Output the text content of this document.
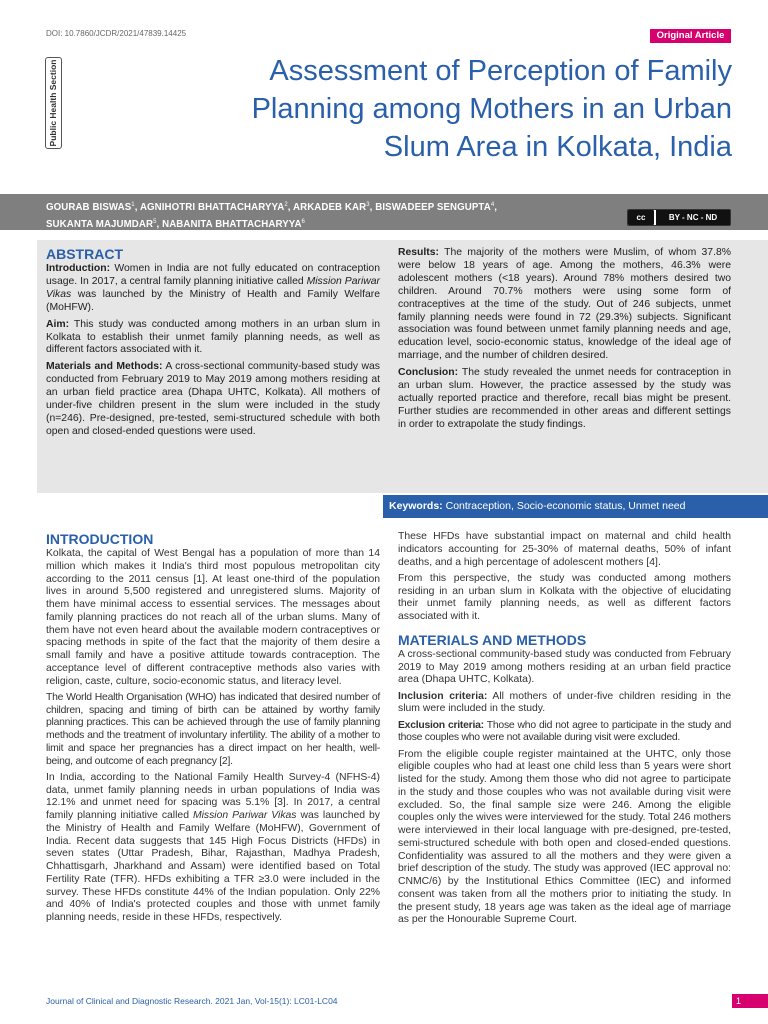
DOI: 10.7860/JCDR/2021/47839.14425	Original Article
Public Health Section	Assessment of Perception of Family
Planning among Mothers in an Urban
Slum Area in Kolkata, India
GOURAB BISWAS$^1$, AGNIHOTRI BHATTACHARYYA$^2$, ARKADEB KAR$^3$, BISWADEEP SENGUPTA$^4$,
SUKANTA MAJUMDAR$^5$, NABANITA BHATTACHARYYA$^6$
cc	BY - NC - ND
ABSTRACT

Introduction: Women in India are not fully educated on contraception usage. In 2017, a central family planning initiative called Mission Pariwar Vikas was launched by the Ministry of Health and Family Welfare (MoHFW).

Aim: This study was conducted among mothers in an urban slum in Kolkata to establish their unmet family planning needs, as well as different factors associated with it.

Materials and Methods: A cross-sectional community-based study was conducted from February 2019 to May 2019 among mothers residing at an urban field practice area (Dhapa UHTC, Kolkata). All mothers of under-five children present in the slum were included in the study (n=246). Pre-designed, pre-tested, semi-structured schedule with both open and closed-ended questions were used.

Results: The majority of the mothers were Muslim, of whom 37.8% were below 18 years of age. Among the mothers, 46.3% were adolescent mothers (<18 years). Around 78% mothers desired two children. Around 70.7% mothers were using some form of contraceptives at the time of the study. Out of 246 subjects, unmet family planning needs were found in 72 (29.3%) subjects. Significant association was found between unmet family planning needs and age, education level, socio-economic status, knowledge of the ideal age of marriage, and the number of children desired.

Conclusion: The study revealed the unmet needs for contraception in an urban slum. However, the practice assessed by the study was actually reported practice and therefore, recall bias might be present. Further studies are recommended in other areas and different settings in order to extrapolate the study findings.

Keywords: Contraception, Socio-economic status, Unmet need
INTRODUCTION

Kolkata, the capital of West Bengal has a population of more than 14 million which makes it India's third most populous metropolitan city according to the 2011 census [1]. At least one-third of the population lives in around 5,500 registered and unregistered slums. Majority of them have minimal access to essential services. The messages about family planning practices do not reach all of the urban slums. Many of them have not even heard about the available modern contraceptives or spacing methods in spite of the fact that the majority of them desire a small family and have a positive attitude towards contraception. The acceptance level of different contraceptive methods also varies with religion, caste, culture, socio-economic status, and literacy level.

The World Health Organisation (WHO) has indicated that desired number of children, spacing and timing of birth can be attained by worthy family planning practices. This can be achieved through the use of family planning methods and the treatment of involuntary infertility. The ability of a mother to limit and space her pregnancies has a direct impact on her health, well-being, and outcome of each pregnancy [2].

In India, according to the National Family Health Survey-4 (NFHS-4) data, unmet family planning needs in urban populations of India was 12.1% and unmet need for spacing was 5.1% [3]. In 2017, a central family planning initiative called Mission Pariwar Vikas was launched by the Ministry of Health and Family Welfare (MoHFW), Government of India. Recent data suggests that 145 High Focus Districts (HFDs) in seven states (Uttar Pradesh, Bihar, Rajasthan, Madhya Pradesh, Chhattisgarh, Jharkhand and Assam) were identified based on Total Fertility Rate (TFR). HFDs exhibiting a TFR ≥3.0 were included in the survey. These HFDs constitute 44% of the Indian population. Only 22% and 40% of India's protected couples and those with unmet family planning needs, reside in these HFDs, respectively.

These HFDs have substantial impact on maternal and child health indicators accounting for 25-30% of maternal deaths, 50% of infant deaths, and a high percentage of adolescent mothers [4].

From this perspective, the study was conducted among mothers residing in an urban slum in Kolkata with the objective of elucidating their unmet family planning needs, as well as different factors associated with it.

MATERIALS AND METHODS

A cross-sectional community-based study was conducted from February 2019 to May 2019 among mothers residing at an urban field practice area (Dhapa UHTC, Kolkata).

Inclusion criteria: All mothers of under-five children residing in the slum were included in the study.

Exclusion criteria: Those who did not agree to participate in the study and those couples who were not available during visit were excluded.

From the eligible couple register maintained at the UHTC, only those eligible couples who had at least one child less than 5 years were short listed for the study. Among them those who did not agree to participate in the study and those couples who was not available during visit were excluded. So, the final sample size were 246. Among the eligible couples only the wives were interviewed for the study. Total 246 mothers were interviewed in their local language with pre-designed, pre-tested, semi-structured schedule with both open and closed-ended questions. Confidentiality was assured to all the mothers and they were given a brief description of the study. The study was approved (IEC approval no: CNMC/6) by the Institutional Ethics Committee (IEC) and informed consent was taken from all the mothers prior to initiating the study. In the present study, 18 years age was taken as the ideal age of marriage as per the Honourable Supreme Court.

Journal of Clinical and Diagnostic Research. 2021 Jan, Vol-15(1): LC01-LC04	1
